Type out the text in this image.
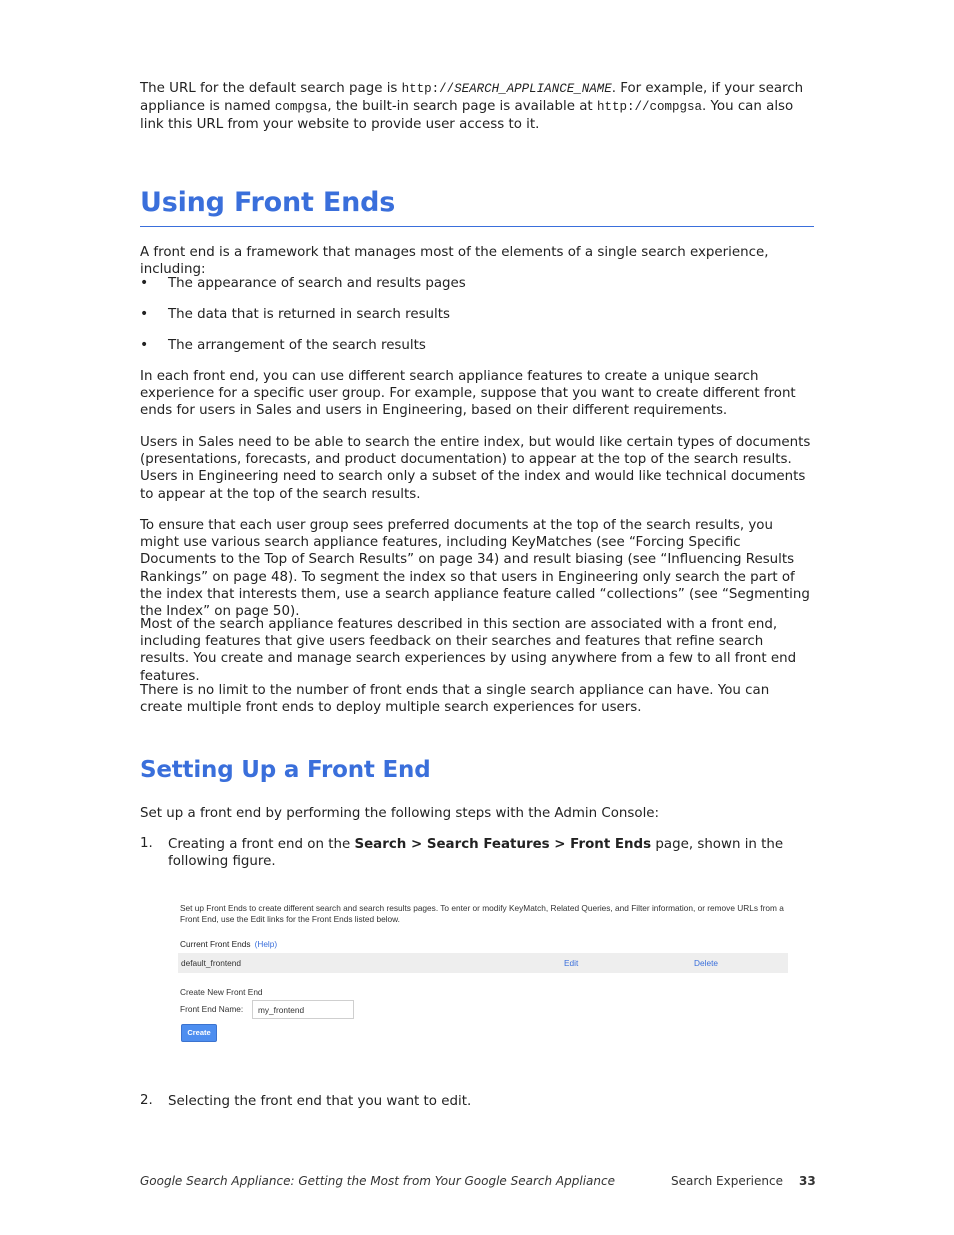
The URL for the default search page is http://SEARCH_APPLIANCE_NAME. For example, if your search appliance is named compgsa, the built-in search page is available at http://compgsa. You can also link this URL from your website to provide user access to it.

Using Front Ends

A front end is a framework that manages most of the elements of a single search experience, including:

• The appearance of search and results pages
• The data that is returned in search results
• The arrangement of the search results

In each front end, you can use different search appliance features to create a unique search experience for a specific user group. For example, suppose that you want to create different front ends for users in Sales and users in Engineering, based on their different requirements.

Users in Sales need to be able to search the entire index, but would like certain types of documents (presentations, forecasts, and product documentation) to appear at the top of the search results. Users in Engineering need to search only a subset of the index and would like technical documents to appear at the top of the search results.

To ensure that each user group sees preferred documents at the top of the search results, you might use various search appliance features, including KeyMatches (see “Forcing Specific Documents to the Top of Search Results” on page 34) and result biasing (see “Influencing Results Rankings” on page 48). To segment the index so that users in Engineering only search the part of the index that interests them, use a search appliance feature called “collections” (see “Segmenting the Index” on page 50).

Most of the search appliance features described in this section are associated with a front end, including features that give users feedback on their searches and features that refine search results. You create and manage search experiences by using anywhere from a few to all front end features.

There is no limit to the number of front ends that a single search appliance can have. You can create multiple front ends to deploy multiple search experiences for users.

Setting Up a Front End

Set up a front end by performing the following steps with the Admin Console:

1. Creating a front end on the Search > Search Features > Front Ends page, shown in the following figure.

Set up Front Ends to create different search and search results pages. To enter or modify KeyMatch, Related Queries, and Filter information, or remove URLs from a Front End, use the Edit links for the Front Ends listed below.
Current Front Ends (Help)
default_frontend	Edit	Delete
Create New Front End
Front End Name: my_frontend
Create
2. Selecting the front end that you want to edit.

Google Search Appliance: Getting the Most from Your Google Search Appliance	Search Experience 33
